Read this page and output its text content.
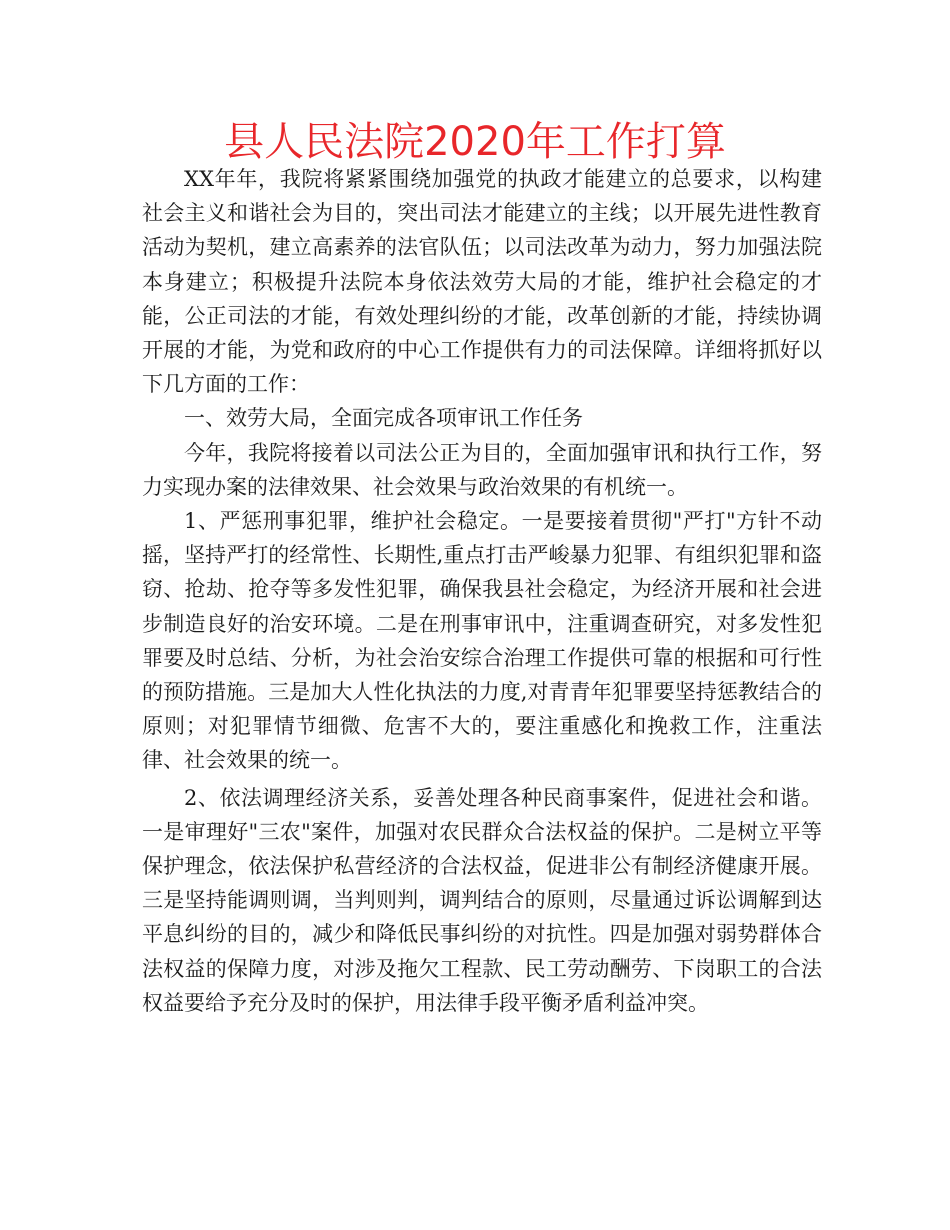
县人民法院2020年工作打算

XX年年，我院将紧紧围绕加强党的执政才能建立的总要求，以构建社会主义和谐社会为目的，突出司法才能建立的主线；以开展先进性教育活动为契机，建立高素养的法官队伍；以司法改革为动力，努力加强法院本身建立；积极提升法院本身依法效劳大局的才能，维护社会稳定的才能，公正司法的才能，有效处理纠纷的才能，改革创新的才能，持续协调开展的才能，为党和政府的中心工作提供有力的司法保障。详细将抓好以下几方面的工作：

一、效劳大局，全面完成各项审讯工作任务

今年，我院将接着以司法公正为目的，全面加强审讯和执行工作，努力实现办案的法律效果、社会效果与政治效果的有机统一。

1、严惩刑事犯罪，维护社会稳定。一是要接着贯彻"严打"方针不动摇，坚持严打的经常性、长期性,重点打击严峻暴力犯罪、有组织犯罪和盗窃、抢劫、抢夺等多发性犯罪，确保我县社会稳定，为经济开展和社会进步制造良好的治安环境。二是在刑事审讯中，注重调查研究，对多发性犯罪要及时总结、分析，为社会治安综合治理工作提供可靠的根据和可行性的预防措施。三是加大人性化执法的力度,对青青年犯罪要坚持惩教结合的原则；对犯罪情节细微、危害不大的，要注重感化和挽救工作，注重法律、社会效果的统一。

2、依法调理经济关系，妥善处理各种民商事案件，促进社会和谐。一是审理好"三农"案件，加强对农民群众合法权益的保护。二是树立平等保护理念，依法保护私营经济的合法权益，促进非公有制经济健康开展。三是坚持能调则调，当判则判，调判结合的原则，尽量通过诉讼调解到达平息纠纷的目的，减少和降低民事纠纷的对抗性。四是加强对弱势群体合法权益的保障力度，对涉及拖欠工程款、民工劳动酬劳、下岗职工的合法权益要给予充分及时的保护，用法律手段平衡矛盾利益冲突。
